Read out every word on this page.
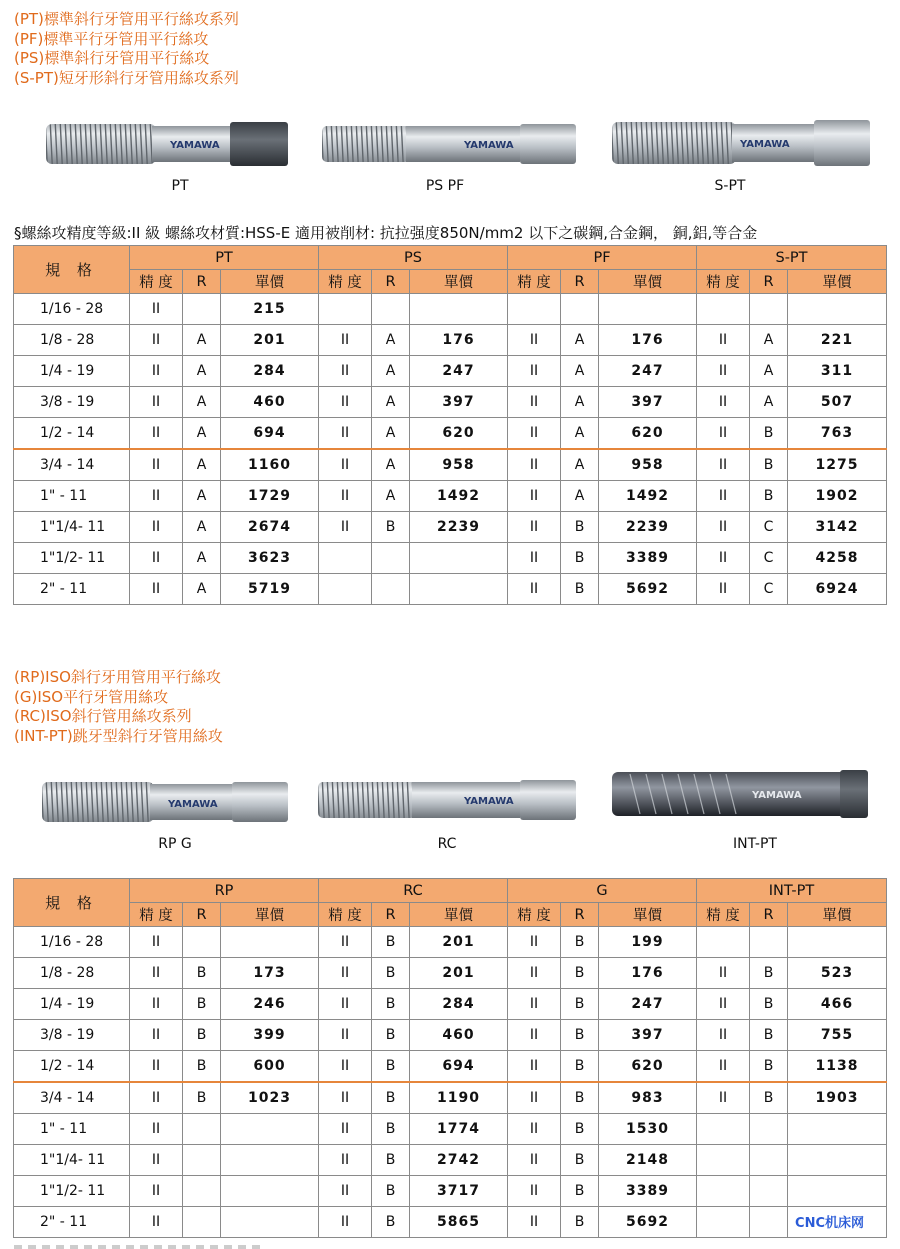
(PT)標準斜行牙管用平行絲攻系列
(PF)標準平行牙管用平行絲攻
(PS)標準斜行牙管用平行絲攻
(S-PT)短牙形斜行牙管用絲攻系列
YAMAWA
PT
YAMAWA
PS PF
YAMAWA
S-PT
§螺絲攻精度等級:II 級 螺絲攻材質:HSS-E 適用被削材: 抗拉强度850N/mm2 以下之碳鋼,合金鋼， 銅,鋁,等合金
規 格	PT			PS			PF			S-PT		
	精 度	R	單價	精 度	R	單價	精 度	R	單價	精 度	R	單價
1/16 - 28	II		215									
1/8 - 28	II	A	201	II	A	176	II	A	176	II	A	221
1/4 - 19	II	A	284	II	A	247	II	A	247	II	A	311
3/8 - 19	II	A	460	II	A	397	II	A	397	II	A	507
1/2 - 14	II	A	694	II	A	620	II	A	620	II	B	763
3/4 - 14	II	A	1160	II	A	958	II	A	958	II	B	1275
1" - 11	II	A	1729	II	A	1492	II	A	1492	II	B	1902
1"1/4- 11	II	A	2674	II	B	2239	II	B	2239	II	C	3142
1"1/2- 11	II	A	3623				II	B	3389	II	C	4258
2" - 11	II	A	5719				II	B	5692	II	C	6924
(RP)ISO斜行牙用管用平行絲攻
(G)ISO平行牙管用絲攻
(RC)ISO斜行管用絲攻系列
(INT-PT)跳牙型斜行牙管用絲攻
YAMAWA
RP G
YAMAWA
RC
YAMAWA
INT-PT
規 格	RP			RC			G			INT-PT		
	精 度	R	單價	精 度	R	單價	精 度	R	單價	精 度	R	單價
1/16 - 28	II			II	B	201	II	B	199			
1/8 - 28	II	B	173	II	B	201	II	B	176	II	B	523
1/4 - 19	II	B	246	II	B	284	II	B	247	II	B	466
3/8 - 19	II	B	399	II	B	460	II	B	397	II	B	755
1/2 - 14	II	B	600	II	B	694	II	B	620	II	B	1138
3/4 - 14	II	B	1023	II	B	1190	II	B	983	II	B	1903
1" - 11	II			II	B	1774	II	B	1530			
1"1/4- 11	II			II	B	2742	II	B	2148			
1"1/2- 11	II			II	B	3717	II	B	3389			
2" - 11	II			II	B	5865	II	B	5692				CNC机床网
